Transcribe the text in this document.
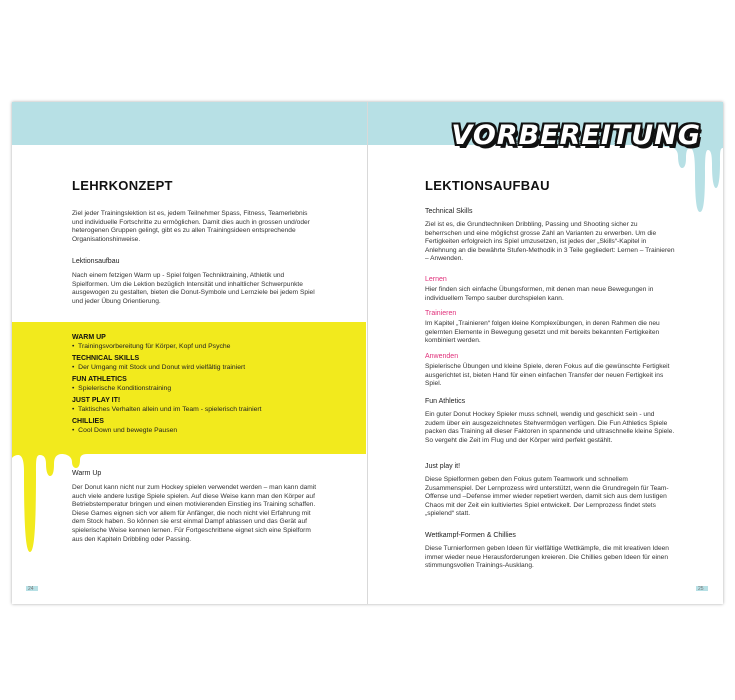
VORBEREITUNG
LEHRKONZEPT
Ziel jeder Trainingslektion ist es, jedem Teilnehmer Spass, Fitness, Teamerlebnis und individuelle Fortschritte zu ermöglichen. Damit dies auch in grossen und/oder heterogenen Gruppen gelingt, gibt es zu allen Trainingsideen entsprechende Organisationshinweise.
Lektionsaufbau
Nach einem fetzigen Warm up - Spiel folgen Techniktraining, Athletik und Spielformen. Um die Lektion bezüglich Intensität und inhaltlicher Schwerpunkte ausgewogen zu gestalten, bieten die Donut-Symbole und Lernziele bei jedem Spiel und jeder Übung Orientierung.
WARM UP
• Trainingsvorbereitung für Körper, Kopf und Psyche
TECHNICAL SKILLS
• Der Umgang mit Stock und Donut wird vielfältig trainiert
FUN ATHLETICS
• Spielerische Konditionstraining
JUST PLAY IT!
• Taktisches Verhalten allein und im Team - spielerisch trainiert
CHILLIES
• Cool Down und bewegte Pausen
Warm Up
Der Donut kann nicht nur zum Hockey spielen verwendet werden – man kann damit auch viele andere lustige Spiele spielen. Auf diese Weise kann man den Körper auf Betriebstemperatur bringen und einen motivierenden Einstieg ins Training schaffen. Diese Games eignen sich vor allem für Anfänger, die noch nicht viel Erfahrung mit dem Stock haben. So können sie erst einmal Dampf ablassen und das Gerät auf spielerische Weise kennen lernen. Für Fortgeschrittene eignet sich eine Spielform aus den Kapiteln Dribbling oder Passing.
24
LEKTIONSAUFBAU
Technical Skills
Ziel ist es, die Grundtechniken Dribbling, Passing und Shooting sicher zu beherrschen und eine möglichst grosse Zahl an Varianten zu erwerben. Um die Fertigkeiten erfolgreich ins Spiel umzusetzen, ist jedes der „Skills“-Kapitel in Anlehnung an die bewährte Stufen-Methodik in 3 Teile gegliedert: Lernen – Trainieren – Anwenden.
Lernen
Hier finden sich einfache Übungsformen, mit denen man neue Bewegungen in individuellem Tempo sauber durchspielen kann.
Trainieren
Im Kapitel „Trainieren“ folgen kleine Komplexübungen, in deren Rahmen die neu gelernten Elemente in Bewegung gesetzt und mit bereits bekannten Fertigkeiten kombiniert werden.
Anwenden
Spielerische Übungen und kleine Spiele, deren Fokus auf die gewünschte Fertigkeit ausgerichtet ist, bieten Hand für einen einfachen Transfer der neuen Fertigkeit ins Spiel.
Fun Athletics
Ein guter Donut Hockey Spieler muss schnell, wendig und geschickt sein - und zudem über ein ausgezeichnetes Stehvermögen verfügen. Die Fun Athletics Spiele packen das Training all dieser Faktoren in spannende und ultraschnelle kleine Spiele. So vergeht die Zeit im Flug und der Körper wird perfekt gestählt.
Just play it!
Diese Spielformen geben den Fokus gutem Teamwork und schnellem Zusammenspiel. Der Lernprozess wird unterstützt, wenn die Grundregeln für Team-Offense und –Defense immer wieder repetiert werden, damit sich aus dem lustigen Chaos mit der Zeit ein kultiviertes Spiel entwickelt. Der Lernprozess findet stets „spielend“ statt.
Wettkampf-Formen & Chillies
Diese Turnierformen geben Ideen für vielfältige Wettkämpfe, die mit kreativen Ideen immer wieder neue Herausforderungen kreieren. Die Chillies geben Ideen für einen stimmungsvollen Trainings-Ausklang.
25
